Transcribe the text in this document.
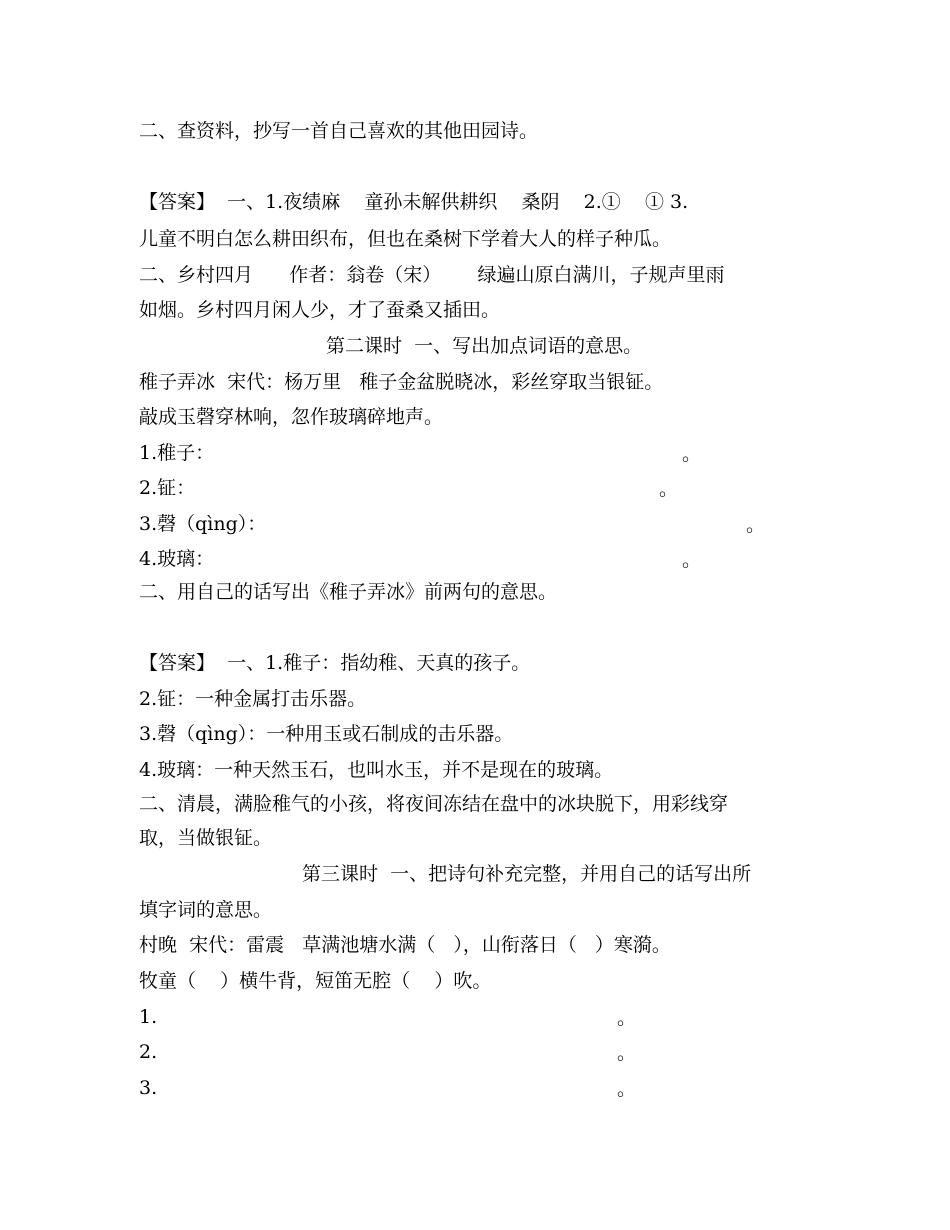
二、查资料，抄写一首自己喜欢的其他田园诗。
【答案】  一、1.夜绩麻    童孙未解供耕织    桑阴    2.①    ① 3.
儿童不明白怎么耕田织布，但也在桑树下学着大人的样子种瓜。
二、乡村四月      作者：翁卷（宋）      绿遍山原白满川，子规声里雨
如烟。乡村四月闲人少，才了蚕桑又插田。
第二课时  一、写出加点词语的意思。
稚子弄冰  宋代：杨万里   稚子金盆脱晓冰，彩丝穿取当银钲。
敲成玉磬穿林响，忽作玻璃碎地声。
1.稚子：	。
2.钲：	。
3.磬（qìng）：	。
4.玻璃：	。
二、用自己的话写出《稚子弄冰》前两句的意思。
【答案】  一、1.稚子：指幼稚、天真的孩子。
2.钲：一种金属打击乐器。
3.磬（qìng）：一种用玉或石制成的击乐器。
4.玻璃：一种天然玉石，也叫水玉，并不是现在的玻璃。
二、清晨，满脸稚气的小孩，将夜间冻结在盘中的冰块脱下，用彩线穿
取，当做银钲。
第三课时  一、把诗句补充完整，并用自己的话写出所
填字词的意思。
村晚  宋代：雷震   草满池塘水满（   ），山衔落日（   ）寒漪。
牧童（    ）横牛背，短笛无腔（    ）吹。
1.	。
2.	。
3.	。
